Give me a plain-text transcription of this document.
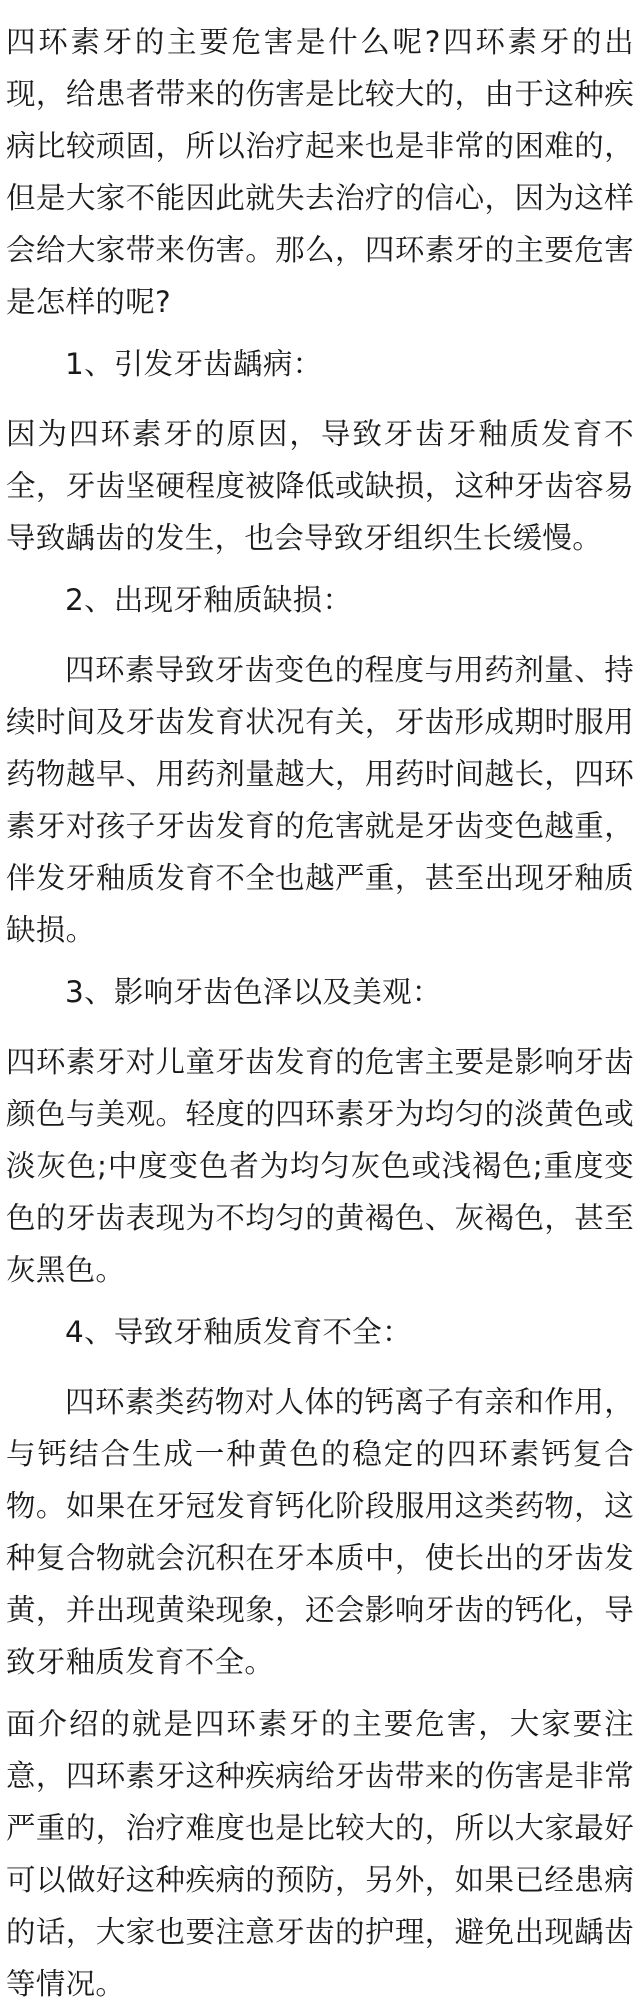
四环素牙的主要危害是什么呢?四环素牙的出现，给患者带来的伤害是比较大的，由于这种疾病比较顽固，所以治疗起来也是非常的困难的，但是大家不能因此就失去治疗的信心，因为这样会给大家带来伤害。那么，四环素牙的主要危害是怎样的呢?

1、引发牙齿龋病：

因为四环素牙的原因，导致牙齿牙釉质发育不全，牙齿坚硬程度被降低或缺损，这种牙齿容易导致龋齿的发生，也会导致牙组织生长缓慢。

2、出现牙釉质缺损：

四环素导致牙齿变色的程度与用药剂量、持续时间及牙齿发育状况有关，牙齿形成期时服用药物越早、用药剂量越大，用药时间越长，四环素牙对孩子牙齿发育的危害就是牙齿变色越重，伴发牙釉质发育不全也越严重，甚至出现牙釉质缺损。

3、影响牙齿色泽以及美观：

四环素牙对儿童牙齿发育的危害主要是影响牙齿颜色与美观。轻度的四环素牙为均匀的淡黄色或淡灰色;中度变色者为均匀灰色或浅褐色;重度变色的牙齿表现为不均匀的黄褐色、灰褐色，甚至灰黑色。

4、导致牙釉质发育不全：

四环素类药物对人体的钙离子有亲和作用，与钙结合生成一种黄色的稳定的四环素钙复合物。如果在牙冠发育钙化阶段服用这类药物，这种复合物就会沉积在牙本质中，使长出的牙齿发黄，并出现黄染现象，还会影响牙齿的钙化，导致牙釉质发育不全。

面介绍的就是四环素牙的主要危害，大家要注意，四环素牙这种疾病给牙齿带来的伤害是非常严重的，治疗难度也是比较大的，所以大家最好可以做好这种疾病的预防，另外，如果已经患病的话，大家也要注意牙齿的护理，避免出现龋齿等情况。
